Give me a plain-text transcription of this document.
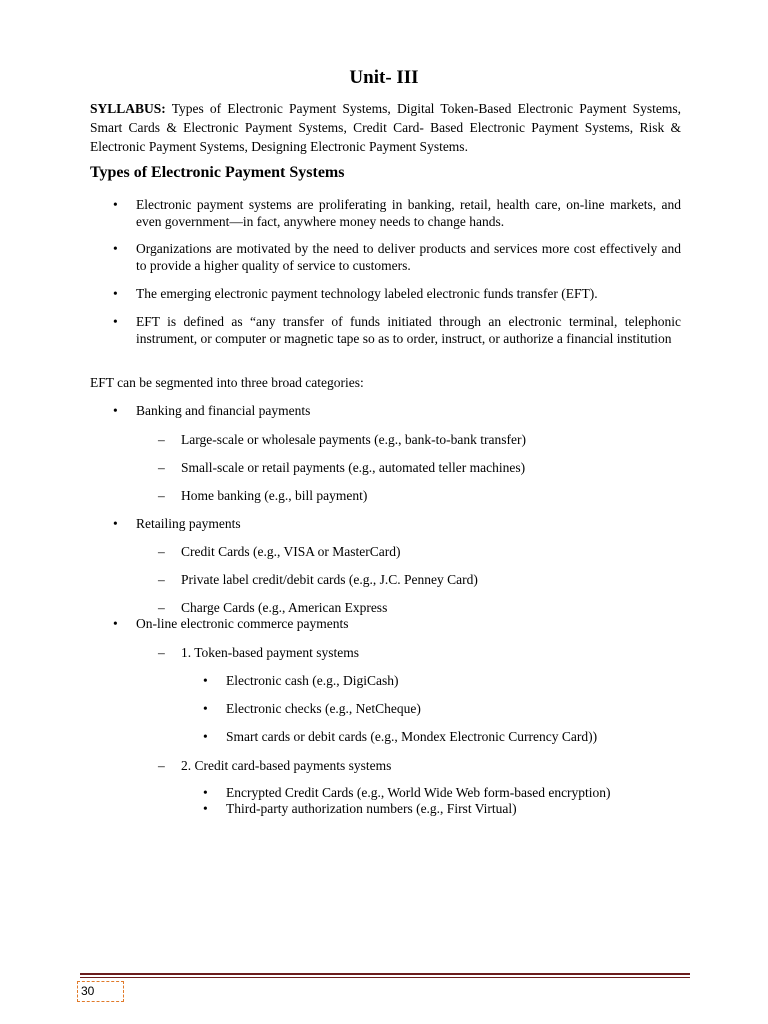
Unit- III

SYLLABUS: Types of Electronic Payment Systems, Digital Token-Based Electronic Payment Systems, Smart Cards & Electronic Payment Systems, Credit Card- Based Electronic Payment Systems, Risk & Electronic Payment Systems, Designing Electronic Payment Systems.

Types of Electronic Payment Systems
• Electronic payment systems are proliferating in banking, retail, health care, on-line markets, and even government—in fact, anywhere money needs to change hands.

• Organizations are motivated by the need to deliver products and services more cost effectively and to provide a higher quality of service to customers.

• The emerging electronic payment technology labeled electronic funds transfer (EFT).

• EFT is defined as “any transfer of funds initiated through an electronic terminal, telephonic instrument, or computer or magnetic tape so as to order, instruct, or authorize a financial institution

EFT can be segmented into three broad categories:

• Banking and financial payments

– Large-scale or wholesale payments (e.g., bank-to-bank transfer)

– Small-scale or retail payments (e.g., automated teller machines)

– Home banking (e.g., bill payment)

• Retailing payments

– Credit Cards (e.g., VISA or MasterCard)

– Private label credit/debit cards (e.g., J.C. Penney Card)

– Charge Cards (e.g., American Express

• On-line electronic commerce payments

– 1. Token-based payment systems

• Electronic cash (e.g., DigiCash)

• Electronic checks (e.g., NetCheque)

• Smart cards or debit cards (e.g., Mondex Electronic Currency Card))

– 2. Credit card-based payments systems

• Encrypted Credit Cards (e.g., World Wide Web form-based encryption)

• Third-party authorization numbers (e.g., First Virtual)

30
